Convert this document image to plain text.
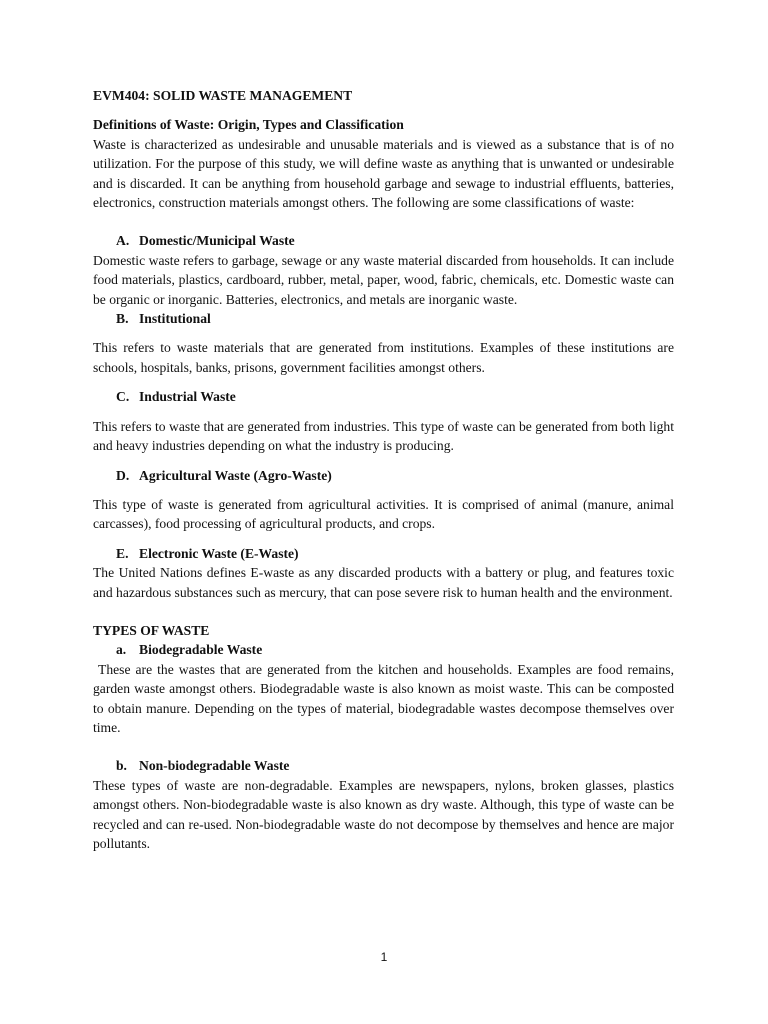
EVM404: SOLID WASTE MANAGEMENT
Definitions of Waste: Origin, Types and Classification

Waste is characterized as undesirable and unusable materials and is viewed as a substance that is of no utilization. For the purpose of this study, we will define waste as anything that is unwanted or undesirable and is discarded. It can be anything from household garbage and sewage to industrial effluents, batteries, electronics, construction materials amongst others. The following are some classifications of waste:

A. Domestic/Municipal Waste

Domestic waste refers to garbage, sewage or any waste material discarded from households. It can include food materials, plastics, cardboard, rubber, metal, paper, wood, fabric, chemicals, etc. Domestic waste can be organic or inorganic. Batteries, electronics, and metals are inorganic waste.

B. Institutional

This refers to waste materials that are generated from institutions. Examples of these institutions are schools, hospitals, banks, prisons, government facilities amongst others.

C. Industrial Waste

This refers to waste that are generated from industries. This type of waste can be generated from both light and heavy industries depending on what the industry is producing.

D. Agricultural Waste (Agro-Waste)

This type of waste is generated from agricultural activities. It is comprised of animal (manure, animal carcasses), food processing of agricultural products, and crops.

E. Electronic Waste (E-Waste)

The United Nations defines E-waste as any discarded products with a battery or plug, and features toxic and hazardous substances such as mercury, that can pose severe risk to human health and the environment.

TYPES OF WASTE
a. Biodegradable Waste

These are the wastes that are generated from the kitchen and households. Examples are food remains, garden waste amongst others. Biodegradable waste is also known as moist waste. This can be composted to obtain manure. Depending on the types of material, biodegradable wastes decompose themselves over time.

b. Non-biodegradable Waste

These types of waste are non-degradable. Examples are newspapers, nylons, broken glasses, plastics amongst others. Non-biodegradable waste is also known as dry waste. Although, this type of waste can be recycled and can re-used. Non-biodegradable waste do not decompose by themselves and hence are major pollutants.

1
